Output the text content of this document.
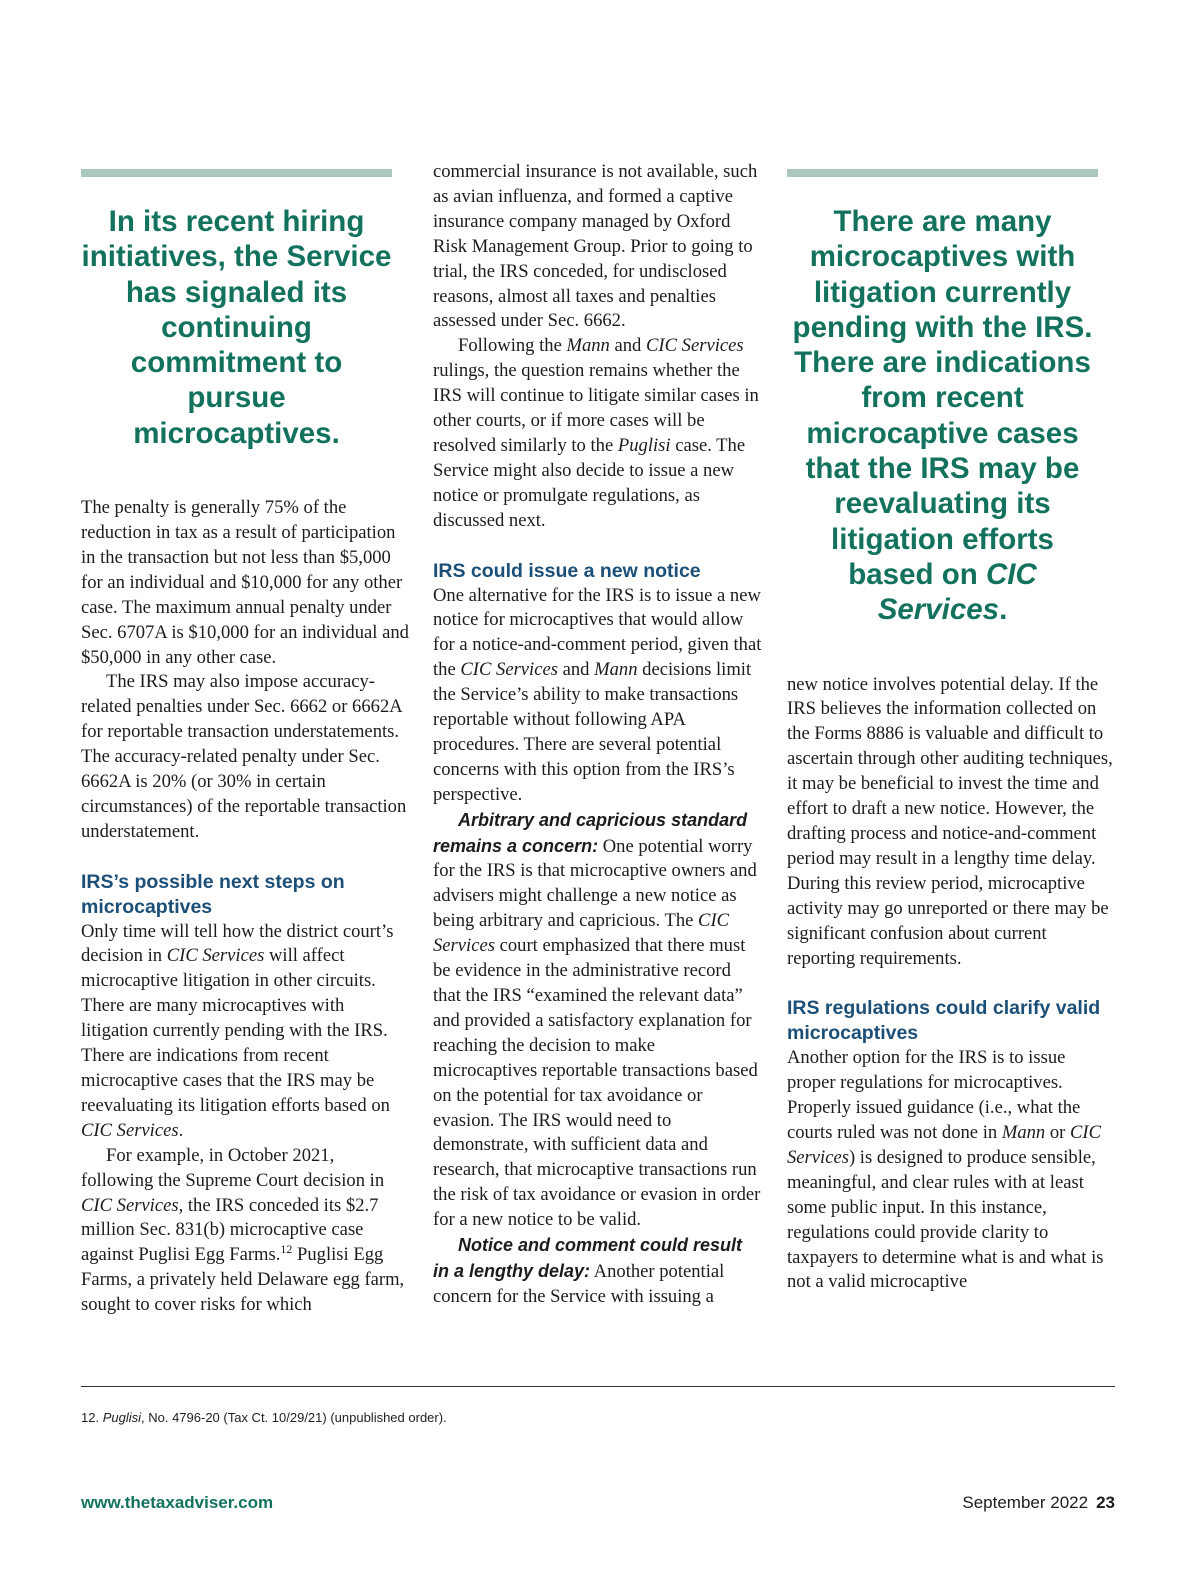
In its recent hiring initiatives, the Service has signaled its continuing commitment to pursue microcaptives.

The penalty is generally 75% of the reduction in tax as a result of participation in the transaction but not less than $5,000 for an individual and $10,000 for any other case. The maximum annual penalty under Sec. 6707A is $10,000 for an individual and $50,000 in any other case.

The IRS may also impose accuracy-related penalties under Sec. 6662 or 6662A for reportable transaction understatements. The accuracy-related penalty under Sec. 6662A is 20% (or 30% in certain circumstances) of the reportable transaction understatement.

IRS’s possible next steps on microcaptives

Only time will tell how the district court’s decision in CIC Services will affect microcaptive litigation in other circuits. There are many microcaptives with litigation currently pending with the IRS. There are indications from recent microcaptive cases that the IRS may be reevaluating its litigation efforts based on CIC Services.

For example, in October 2021, following the Supreme Court decision in CIC Services, the IRS conceded its $2.7 million Sec. 831(b) microcaptive case against Puglisi Egg Farms.$^{12}$ Puglisi Egg Farms, a privately held Delaware egg farm, sought to cover risks for which

commercial insurance is not available, such as avian influenza, and formed a captive insurance company managed by Oxford Risk Management Group. Prior to going to trial, the IRS conceded, for undisclosed reasons, almost all taxes and penalties assessed under Sec. 6662.

Following the Mann and CIC Services rulings, the question remains whether the IRS will continue to litigate similar cases in other courts, or if more cases will be resolved similarly to the Puglisi case. The Service might also decide to issue a new notice or promulgate regulations, as discussed next.

IRS could issue a new notice

One alternative for the IRS is to issue a new notice for microcaptives that would allow for a notice-and-comment period, given that the CIC Services and Mann decisions limit the Service’s ability to make transactions reportable without following APA procedures. There are several potential concerns with this option from the IRS’s perspective.

Arbitrary and capricious standard remains a concern: One potential worry for the IRS is that microcaptive owners and advisers might challenge a new notice as being arbitrary and capricious. The CIC Services court emphasized that there must be evidence in the administrative record that the IRS “examined the relevant data” and provided a satisfactory explanation for reaching the decision to make microcaptives reportable transactions based on the potential for tax avoidance or evasion. The IRS would need to demonstrate, with sufficient data and research, that microcaptive transactions run the risk of tax avoidance or evasion in order for a new notice to be valid.

Notice and comment could result in a lengthy delay: Another potential concern for the Service with issuing a

There are many microcaptives with litigation currently pending with the IRS. There are indications from recent microcaptive cases that the IRS may be reevaluating its litigation efforts based on CIC Services.

new notice involves potential delay. If the IRS believes the information collected on the Forms 8886 is valuable and difficult to ascertain through other auditing techniques, it may be beneficial to invest the time and effort to draft a new notice. However, the drafting process and notice-and-comment period may result in a lengthy time delay. During this review period, microcaptive activity may go unreported or there may be significant confusion about current reporting requirements.

IRS regulations could clarify valid microcaptives

Another option for the IRS is to issue proper regulations for microcaptives. Properly issued guidance (i.e., what the courts ruled was not done in Mann or CIC Services) is designed to produce sensible, meaningful, and clear rules with at least some public input. In this instance, regulations could provide clarity to taxpayers to determine what is and what is not a valid microcaptive

12. Puglisi, No. 4796-20 (Tax Ct. 10/29/21) (unpublished order).
www.thetaxadviser.com	September 2022 23
